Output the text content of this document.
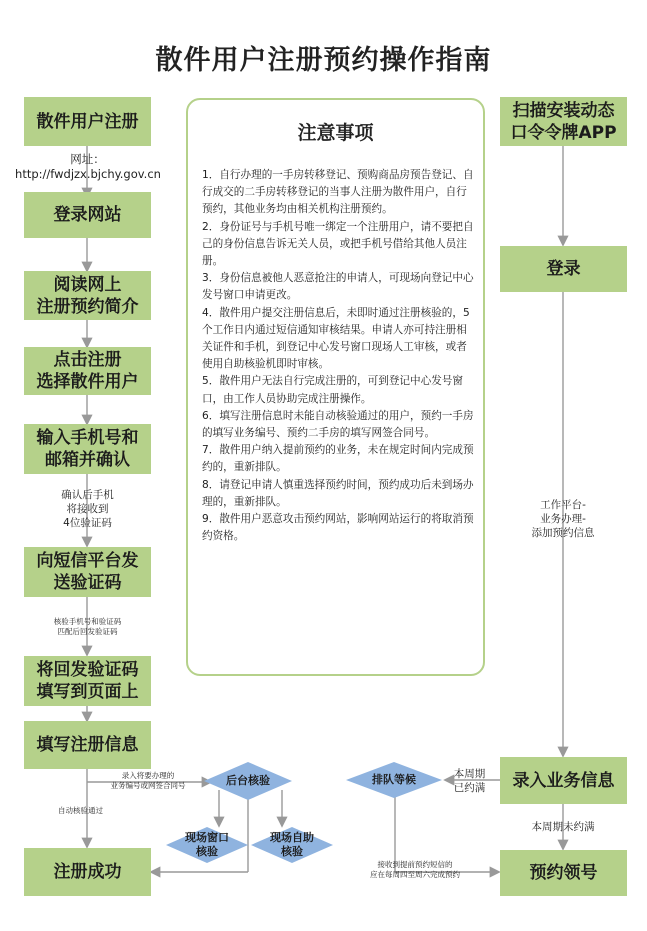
散件用户注册预约操作指南
散件用户注册
网址：
http://fwdjzx.bjchy.gov.cn
登录网站
阅读网上
注册预约简介
点击注册
选择散件用户
输入手机号和
邮箱并确认
确认后手机
将接收到
4位验证码
向短信平台发
送验证码
核验手机号和验证码
匹配后回发验证码
将回发验证码
填写到页面上
填写注册信息
自动核验通过
注册成功
注意事项
1．自行办理的一手房转移登记、预购商品房预告登记、自行成交的二手房转移登记的当事人注册为散件用户，自行预约，其他业务均由相关机构注册预约。
2．身份证号与手机号唯一绑定一个注册用户，请不要把自己的身份信息告诉无关人员，或把手机号借给其他人员注册。
3．身份信息被他人恶意抢注的申请人，可现场向登记中心发号窗口申请更改。
4．散件用户提交注册信息后，未即时通过注册核验的，5个工作日内通过短信通知审核结果。申请人亦可持注册相关证件和手机，到登记中心发号窗口现场人工审核，或者使用自助核验机即时审核。
5．散件用户无法自行完成注册的，可到登记中心发号窗口，由工作人员协助完成注册操作。
6．填写注册信息时未能自动核验通过的用户，预约一手房的填写业务编号、预约二手房的填写网签合同号。
7．散件用户纳入提前预约的业务，未在规定时间内完成预约的，重新排队。
8．请登记申请人慎重选择预约时间，预约成功后未到场办理的，重新排队。
9．散件用户恶意攻击预约网站，影响网站运行的将取消预约资格。
录入将要办理的
业务编号或网签合同号	后台核验
现场窗口
核验
现场自助
核验
排队等候
接收到提前预约短信的
应在每周四至周六完成预约
扫描安装动态
口令令牌APP
登录
工作平台-
业务办理-
添加预约信息
本周期
已约满	录入业务信息
本周期未约满
预约领号
